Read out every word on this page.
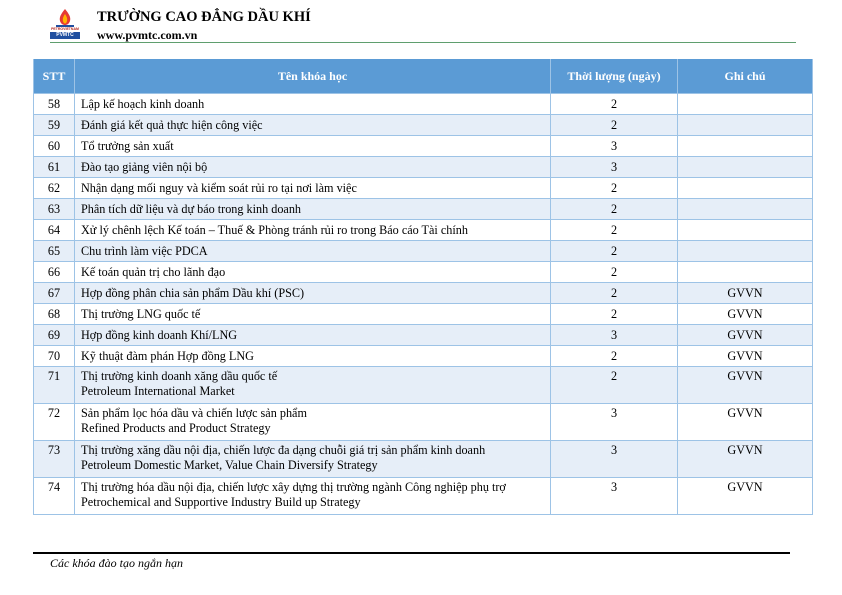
PETROVIETNAM
PVMTC
TRƯỜNG CAO ĐẲNG DẦU KHÍ
www.pvmtc.com.vn
STT	Tên khóa học	Thời lượng (ngày)	Ghi chú
58	Lập kế hoạch kinh doanh	2	
59	Đánh giá kết quả thực hiện công việc	2	
60	Tổ trưởng sản xuất	3	
61	Đào tạo giảng viên nội bộ	3	
62	Nhận dạng mối nguy và kiểm soát rủi ro tại nơi làm việc	2	
63	Phân tích dữ liệu và dự báo trong kinh doanh	2	
64	Xử lý chênh lệch Kế toán – Thuế & Phòng tránh rủi ro trong Báo cáo Tài chính	2	
65	Chu trình làm việc PDCA	2	
66	Kế toán quản trị cho lãnh đạo	2	
67	Hợp đồng phân chia sản phẩm Dầu khí (PSC)	2	GVVN
68	Thị trường LNG quốc tế	2	GVVN
69	Hợp đồng kinh doanh Khí/LNG	3	GVVN
70	Kỹ thuật đàm phán Hợp đồng LNG	2	GVVN
71	Thị trường kinh doanh xăng dầu quốc tế
Petroleum International Market	2	GVVN
72	Sản phẩm lọc hóa dầu và chiến lược sản phẩm
Refined Products and Product Strategy	3	GVVN
73	Thị trường xăng dầu nội địa, chiến lược đa dạng chuỗi giá trị sản phẩm kinh doanh
Petroleum Domestic Market, Value Chain Diversify Strategy	3	GVVN
74	Thị trường hóa dầu nội địa, chiến lược xây dựng thị trường ngành Công nghiệp phụ trợ
Petrochemical and Supportive Industry Build up Strategy	3	GVVN
Các khóa đào tạo ngắn hạn
